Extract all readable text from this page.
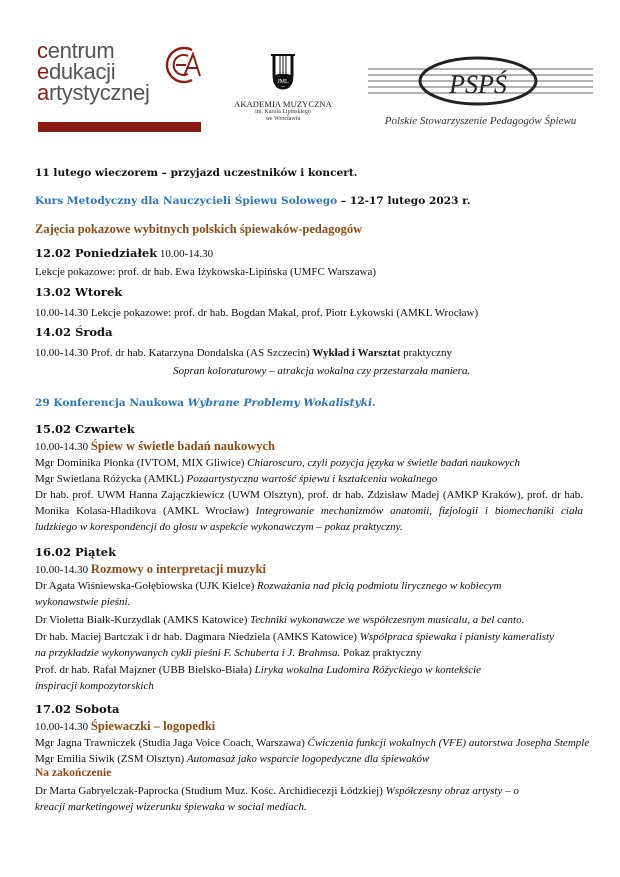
centrum
edukacji
artystycznej	JML
AKADEMIA MUZYCZNA
im. Karola Lipińskiego
we Wrocławiu
PSPŚ
Polskie Stowarzyszenie Pedagogów Śpiewu
11 lutego wieczorem – przyjazd uczestników i koncert.
Kurs Metodyczny dla Nauczycieli Śpiewu Solowego – 12-17 lutego 2023 r.
Zajęcia pokazowe wybitnych polskich śpiewaków-pedagogów
12.02 Poniedziałek 10.00-14.30
Lekcje pokazowe: prof. dr hab. Ewa Iżykowska-Lipińska (UMFC Warszawa)
13.02 Wtorek
10.00-14.30 Lekcje pokazowe: prof. dr hab. Bogdan Makal, prof. Piotr Łykowski (AMKL Wrocław)
14.02 Środa
10.00-14.30 Prof. dr hab. Katarzyna Dondalska (AS Szczecin) Wykład i Warsztat praktyczny
Sopran koloraturowy – atrakcja wokalna czy przestarzała maniera.
29 Konferencja Naukowa Wybrane Problemy Wokalistyki.
15.02 Czwartek
10.00-14.30 Śpiew w świetle badań naukowych
Mgr Dominika Płonka (IVTOM, MIX Gliwice) Chiaroscuro, czyli pozycja języka w świetle badań naukowych
Mgr Swietlana Różycka (AMKL) Pozaartystyczna wartość śpiewu i kształcenia wokalnego
Dr hab. prof. UWM Hanna Zajączkiewicz (UWM Olsztyn), prof. dr hab. Zdzisław Madej (AMKP Kraków), prof. dr hab. Monika Kolasa-Hladikova (AMKL Wrocław) Integrowanie mechanizmów anatomii, fizjologii i biomechaniki ciała ludzkiego w korespondencji do głosu w aspekcie wykonawczym – pokaz praktyczny.
16.02 Piątek
10.00-14.30 Rozmowy o interpretacji muzyki
Dr Agata Wiśniewska-Gołębiowska (UJK Kielce) Rozważania nad płcią podmiotu lirycznego w kobiecym wykonawstwie pieśni.
Dr Violetta Białk-Kurzydlak (AMKS Katowice) Techniki wykonawcze we współczesnym musicalu, a bel canto.
Dr hab. Maciej Bartczak i dr hab. Dagmara Niedziela (AMKS Katowice) Współpraca śpiewaka i pianisty kameralisty na przykładzie wykonywanych cykli pieśni F. Schuberta i J. Brahmsa. Pokaz praktyczny
Prof. dr hab. Rafał Majzner (UBB Bielsko-Biała) Liryka wokalna Ludomira Różyckiego w kontekście inspiracji kompozytorskich
17.02 Sobota
10.00-14.30 Śpiewaczki – logopedki
Mgr Jagna Trawniczek (Studia Jaga Voice Coach, Warszawa) Ćwiczenia funkcji wokalnych (VFE) autorstwa Josepha Stemple
Mgr Emilia Siwik (ZSM Olsztyn) Automasaż jako wsparcie logopedyczne dla śpiewaków
Na zakończenie
Dr Marta Gabryelczak-Paprocka (Studium Muz. Kośc. Archidiecezji Łódzkiej) Współczesny obraz artysty – o kreacji marketingowej wizerunku śpiewaka w social mediach.
